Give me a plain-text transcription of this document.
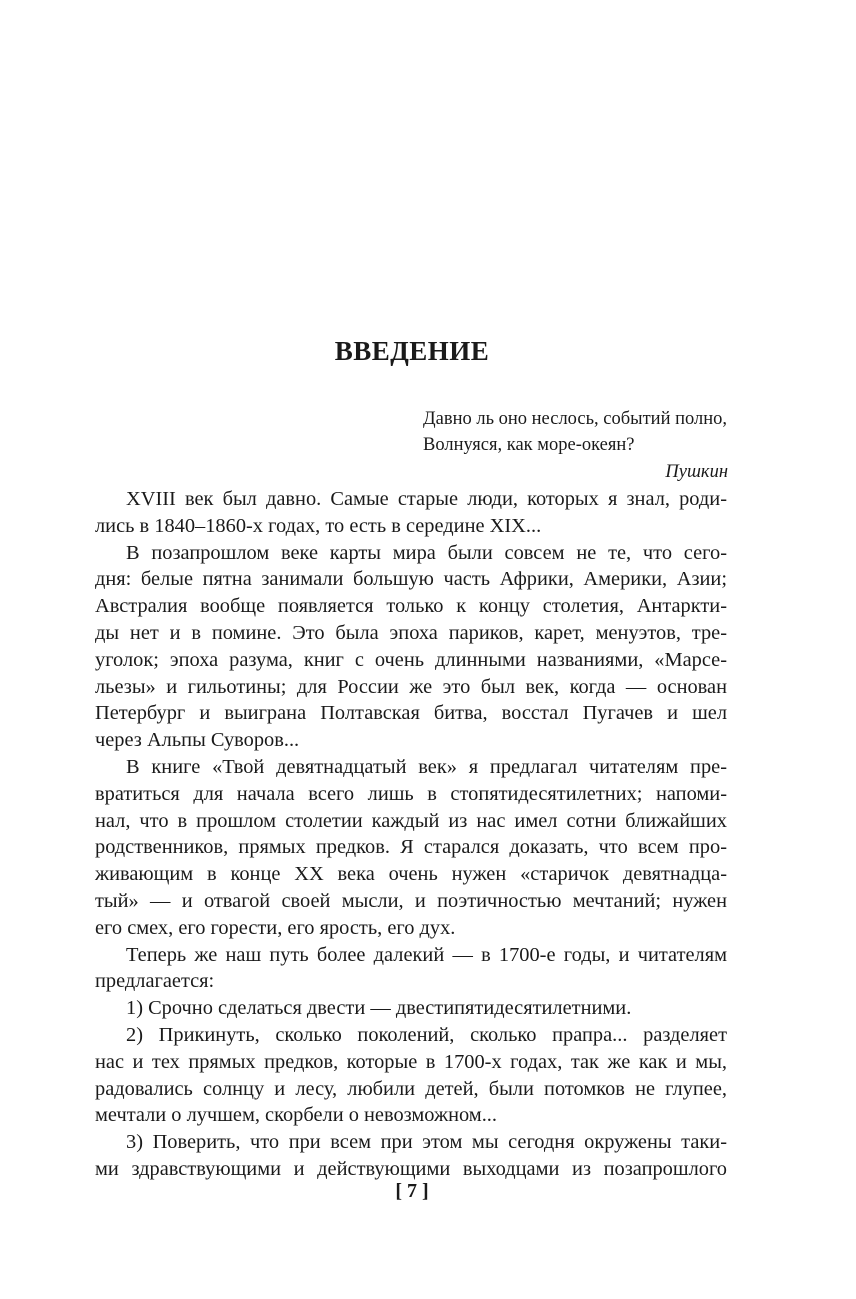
ВВЕДЕНИЕ
Давно ль оно неслось, событий полно,
Волнуяся, как море-океян?
Пушкин
XVIII век был давно. Самые старые люди, которых я знал, роди-
лись в 1840–1860-х годах, то есть в середине XIX...
В позапрошлом веке карты мира были совсем не те, что сего-
дня: белые пятна занимали большую часть Африки, Америки, Азии;
Австралия вообще появляется только к концу столетия, Антаркти-
ды нет и в помине. Это была эпоха париков, карет, менуэтов, тре-
уголок; эпоха разума, книг с очень длинными названиями, «Марсе-
льезы» и гильотины; для России же это был век, когда — основан
Петербург и выиграна Полтавская битва, восстал Пугачев и шел
через Альпы Суворов...
В книге «Твой девятнадцатый век» я предлагал читателям пре-
вратиться для начала всего лишь в стопятидесятилетних; напоми-
нал, что в прошлом столетии каждый из нас имел сотни ближайших
родственников, прямых предков. Я старался доказать, что всем про-
живающим в конце XX века очень нужен «старичок девятнадца-
тый» — и отвагой своей мысли, и поэтичностью мечтаний; нужен
его смех, его горести, его ярость, его дух.
Теперь же наш путь более далекий — в 1700-е годы, и читателям
предлагается:
1) Срочно сделаться двести — двестипятидесятилетними.
2) Прикинуть, сколько поколений, сколько прапра... разделяет
нас и тех прямых предков, которые в 1700-х годах, так же как и мы,
радовались солнцу и лесу, любили детей, были потомков не глупее,
мечтали о лучшем, скорбели о невозможном...
3) Поверить, что при всем при этом мы сегодня окружены таки-
ми здравствующими и действующими выходцами из позапрошлого
[ 7 ]
